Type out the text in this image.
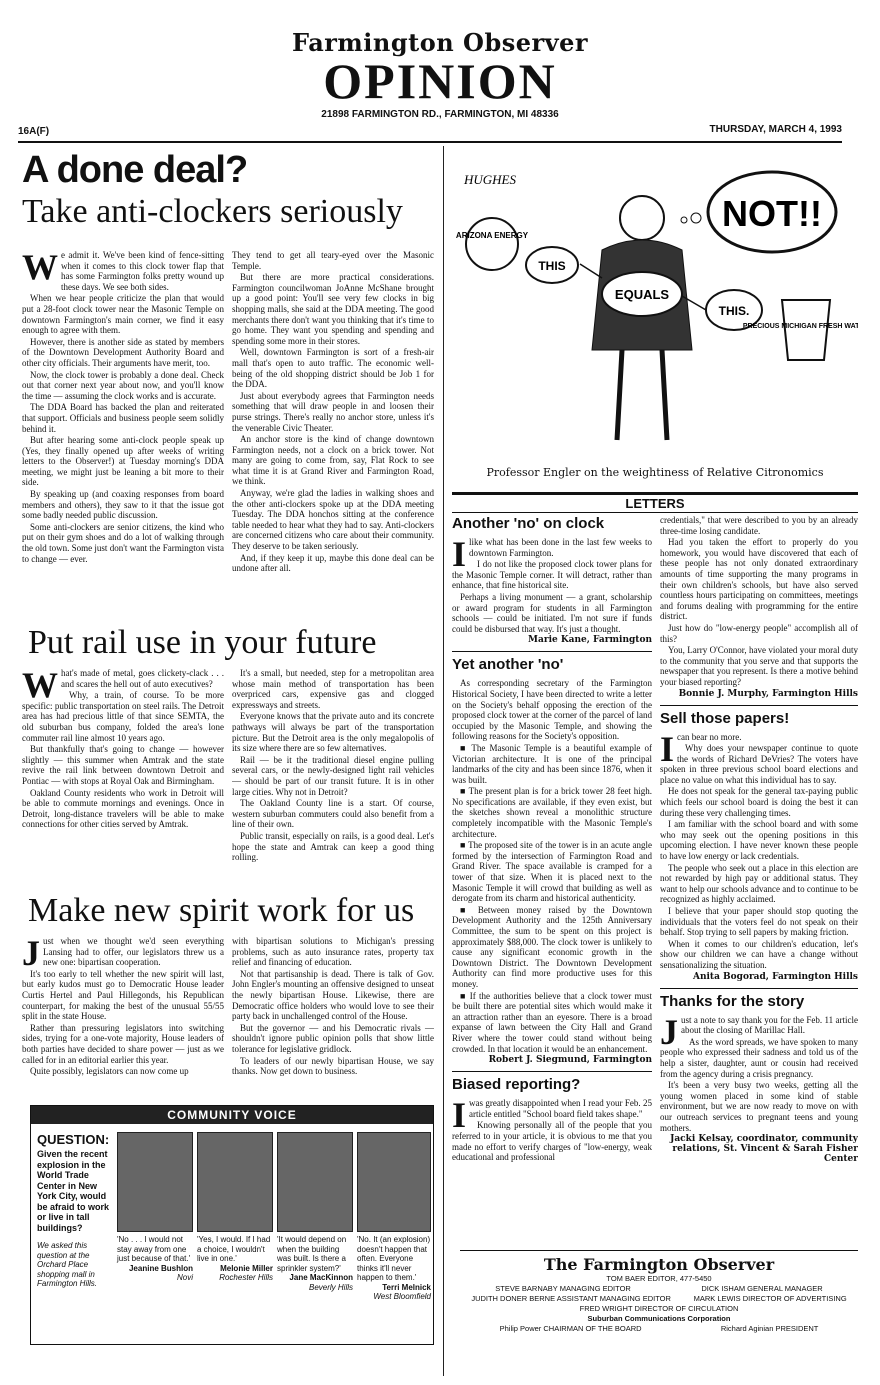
Farmington Observer
OPINION
21898 FARMINGTON RD., FARMINGTON, MI 48336
16A(F)	THURSDAY, MARCH 4, 1993
A done deal?
Take anti-clockers seriously
W e admit it. We've been kind of fence-sitting when it comes to this clock tower flap that has some Farmington folks pretty wound up these days. We see both sides.

When we hear people criticize the plan that would put a 28-foot clock tower near the Masonic Temple on downtown Farmington's main corner, we find it easy enough to agree with them.

However, there is another side as stated by members of the Downtown Development Authority Board and other city officials. Their arguments have merit, too.

Now, the clock tower is probably a done deal. Check out that corner next year about now, and you'll know the time — assuming the clock works and is accurate.

The DDA Board has backed the plan and reiterated that support. Officials and business people seem solidly behind it.

But after hearing some anti-clock people speak up (Yes, they finally opened up after weeks of writing letters to the Observer!) at Tuesday morning's DDA meeting, we might just be leaning a bit more to their side.

By speaking up (and coaxing responses from board members and others), they saw to it that the issue got some badly needed public discussion.

Some anti-clockers are senior citizens, the kind who put on their gym shoes and do a lot of walking through the old town. Some just don't want the Farmington vista to change — ever.

They tend to get all teary-eyed over the Masonic Temple.

But there are more practical considerations. Farmington councilwoman JoAnne McShane brought up a good point: You'll see very few clocks in big shopping malls, she said at the DDA meeting. The good merchants there don't want you thinking that it's time to go home. They want you spending and spending and spending some more in their stores.

Well, downtown Farmington is sort of a fresh-air mall that's open to auto traffic. The economic well-being of the old shopping district should be Job 1 for the DDA.

Just about everybody agrees that Farmington needs something that will draw people in and loosen their purse strings. There's really no anchor store, unless it's the venerable Civic Theater.

An anchor store is the kind of change downtown Farmington needs, not a clock on a brick tower. Not many are going to come from, say, Flat Rock to see what time it is at Grand River and Farmington Road, we think.

Anyway, we're glad the ladies in walking shoes and the other anti-clockers spoke up at the DDA meeting Tuesday. The DDA honchos sitting at the conference table needed to hear what they had to say. Anti-clockers are concerned citizens who care about their community. They deserve to be taken seriously.

And, if they keep it up, maybe this done deal can be undone after all.

Put rail use in your future
W hat's made of metal, goes clickety-clack . . . and scares the hell out of auto executives?

Why, a train, of course. To be more specific: public transportation on steel rails. The Detroit area has had precious little of that since SEMTA, the old suburban bus company, folded the area's lone commuter rail line almost 10 years ago.

But thankfully that's going to change — however slightly — this summer when Amtrak and the state revive the rail link between downtown Detroit and Pontiac — with stops at Royal Oak and Birmingham.

Oakland County residents who work in Detroit will be able to commute mornings and evenings. Once in Detroit, long-distance travelers will be able to make connections for other cities served by Amtrak.

It's a small, but needed, step for a metropolitan area whose main method of transportation has been overpriced cars, expensive gas and clogged expressways and streets.

Everyone knows that the private auto and its concrete pathways will always be part of the transportation picture. But the Detroit area is the only megalopolis of its size where there are so few alternatives.

Rail — be it the traditional diesel engine pulling several cars, or the newly-designed light rail vehicles — should be part of our transit future. It is in other large cities. Why not in Detroit?

The Oakland County line is a start. Of course, western suburban commuters could also benefit from a line of their own.

Public transit, especially on rails, is a good deal. Let's hope the state and Amtrak can keep a good thing rolling.

Make new spirit work for us
J ust when we thought we'd seen everything Lansing had to offer, our legislators threw us a new one: bipartisan cooperation.

It's too early to tell whether the new spirit will last, but early kudos must go to Democratic House leader Curtis Hertel and Paul Hillegonds, his Republican counterpart, for making the best of the unusual 55/55 split in the state House.

Rather than pressuring legislators into switching sides, trying for a one-vote majority, House leaders of both parties have decided to share power — just as we called for in an editorial earlier this year.

Quite possibly, legislators can now come up

with bipartisan solutions to Michigan's pressing problems, such as auto insurance rates, property tax relief and financing of education.

Not that partisanship is dead. There is talk of Gov. John Engler's mounting an offensive designed to unseat the newly bipartisan House. Likewise, there are Democratic office holders who would love to see their party back in unchallenged control of the House.

But the governor — and his Democratic rivals — shouldn't ignore public opinion polls that show little tolerance for legislative gridlock.

To leaders of our newly bipartisan House, we say thanks. Now get down to business.

COMMUNITY VOICE
QUESTION:
Given the recent explosion in the World Trade Center in New York City, would be afraid to work or live in tall buildings?
We asked this question at the Orchard Place shopping mall in Farmington Hills.
'No . . . I would not stay away from one just because of that.'
Jeanine Bushlon
Novi
'Yes, I would. If I had a choice, I wouldn't live in one.'
Melonie Miller
Rochester Hills
'It would depend on when the building was built. Is there a sprinkler system?'
Jane MacKinnon
Beverly Hills
'No. It (an explosion) doesn't happen that often. Everyone thinks it'll never happen to them.'
Terri Melnick
West Bloomfield
HUGHES
NOT!!
ARIZONA ENERGY
THIS
EQUALS
THIS.
PRECIOUS MICHIGAN FRESH WATER
Professor Engler on the weightiness of Relative Citronomics
LETTERS
Another 'no' on clock
I like what has been done in the last few weeks to downtown Farmington.

I do not like the proposed clock tower plans for the Masonic Temple corner. It will detract, rather than enhance, that fine historical site.

Perhaps a living monument — a grant, scholarship or award program for students in all Farmington schools — could be initiated. I'm not sure if funds could be disbursed that way. It's just a thought.

Marie Kane, Farmington
Yet another 'no'

As corresponding secretary of the Farmington Historical Society, I have been directed to write a letter on the Society's behalf opposing the erection of the proposed clock tower at the corner of the parcel of land occupied by the Masonic Temple, and showing the following reasons for the Society's opposition.

■ The Masonic Temple is a beautiful example of Victorian architecture. It is one of the principal landmarks of the city and has been since 1876, when it was built.

■ The present plan is for a brick tower 28 feet high. No specifications are available, if they even exist, but the sketches shown reveal a monolithic structure completely incompatible with the Masonic Temple's architecture.

■ The proposed site of the tower is in an acute angle formed by the intersection of Farmington Road and Grand River. The space available is cramped for a tower of that size. When it is placed next to the Masonic Temple it will crowd that building as well as derogate from its charm and historical authenticity.

■ Between money raised by the Downtown Development Authority and the 125th Anniversary Committee, the sum to be spent on this project is approximately $88,000. The clock tower is unlikely to cause any significant economic growth in the Downtown District. The Downtown Development Authority can find more productive uses for this money.

■ If the authorities believe that a clock tower must be built there are potential sites which would make it an attraction rather than an eyesore. There is a broad expanse of lawn between the City Hall and Grand River where the tower could stand without being crowded. In that location it would be an enhancement.

Robert J. Siegmund, Farmington
Biased reporting?
I was greatly disappointed when I read your Feb. 25 article entitled "School board field takes shape."

Knowing personally all of the people that you referred to in your article, it is obvious to me that you made no effort to verify charges of "low-energy, weak educational and professional

credentials," that were described to you by an already three-time losing candidate.

Had you taken the effort to properly do you homework, you would have discovered that each of these people has not only donated extraordinary amounts of time supporting the many programs in their own children's schools, but have also served countless hours participating on committees, meetings and forums dealing with programming for the entire district.

Just how do "low-energy people" accomplish all of this?

You, Larry O'Connor, have violated your moral duty to the community that you serve and that supports the newspaper that you represent. Is there a motive behind your biased reporting?

Bonnie J. Murphy, Farmington Hills
Sell those papers!
I can bear no more.

Why does your newspaper continue to quote the words of Richard DeVries? The voters have spoken in three previous school board elections and place no value on what this individual has to say.

He does not speak for the general tax-paying public which feels our school board is doing the best it can during these very challenging times.

I am familiar with the school board and with some who may seek out the opening positions in this upcoming election. I have never known these people to have low energy or lack credentials.

The people who seek out a place in this election are not rewarded by high pay or additional status. They want to help our schools advance and to continue to be recognized as highly acclaimed.

I believe that your paper should stop quoting the individuals that the voters feel do not speak on their behalf. Stop trying to sell papers by making friction.

When it comes to our children's education, let's show our children we can have a change without sensationalizing the situation.

Anita Bogorad, Farmington Hills
Thanks for the story
J ust a note to say thank you for the Feb. 11 article about the closing of Marillac Hall.

As the word spreads, we have spoken to many people who expressed their sadness and told us of the help a sister, daughter, aunt or cousin had received from the agency during a crisis pregnancy.

It's been a very busy two weeks, getting all the young women placed in some kind of stable environment, but we are now ready to move on with our outreach services to pregnant teens and young mothers.

Jacki Kelsay, coordinator, community relations, St. Vincent & Sarah Fisher Center
The Farmington Observer
TOM BAER EDITOR, 477-5450
STEVE BARNABY MANAGING EDITOR	DICK ISHAM GENERAL MANAGER
JUDITH DONER BERNE ASSISTANT MANAGING EDITOR	MARK LEWIS DIRECTOR OF ADVERTISING
FRED WRIGHT DIRECTOR OF CIRCULATION
Suburban Communications Corporation
Philip Power CHAIRMAN OF THE BOARD	Richard Aginian PRESIDENT
